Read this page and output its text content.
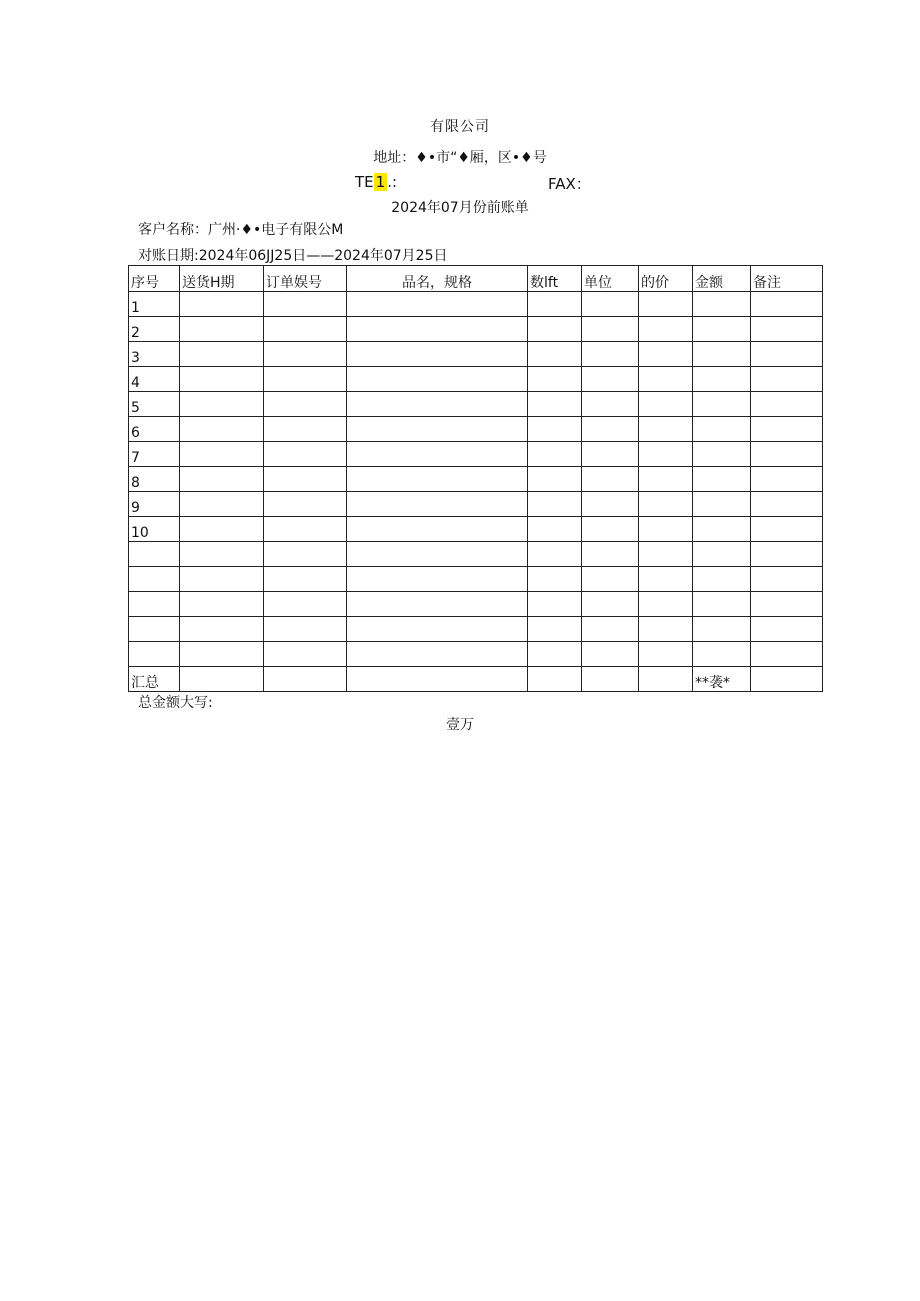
有限公司
地址：♦•市“♦厢，区•♦号
TE 1 .:	FAX：
2024年07月份前账单
客户名称：广州·♦•电子有限公M
对账日期:2024年06JJ25日——2024年07月25日
序号	送货H期	订单娱号	品名，规格	数lft	单位	的价	金额	备注
1								
2								
3								
4								
5								
6								
7								
8								
9								
10								

汇总							**袭*	
总金额大写:
壹万
